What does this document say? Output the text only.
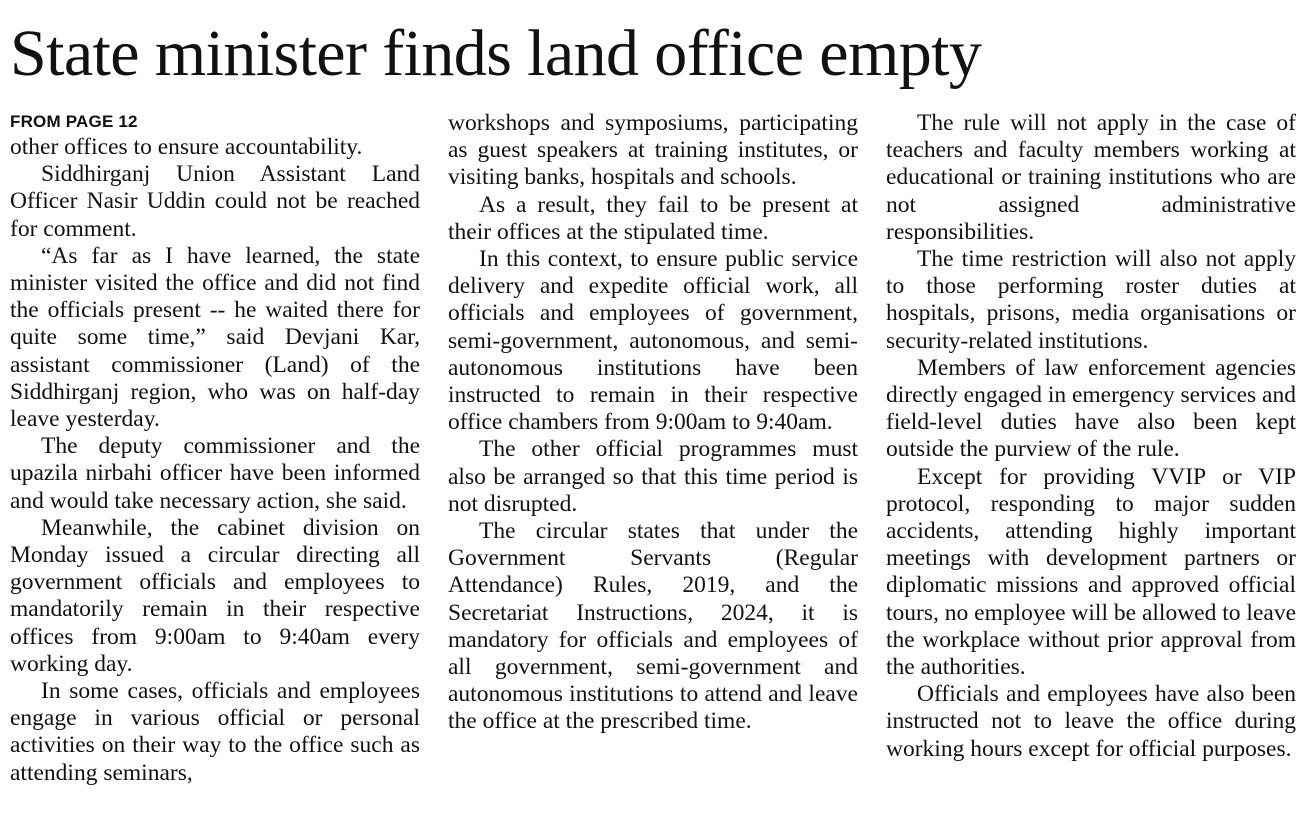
State minister finds land office empty
FROM PAGE 12

other offices to ensure accountability.

Siddhirganj Union Assistant Land Officer Nasir Uddin could not be reached for comment.

“As far as I have learned, the state minister visited the office and did not find the officials present -- he waited there for quite some time,” said Devjani Kar, assistant commissioner (Land) of the Siddhirganj region, who was on half-day leave yesterday.

The deputy commissioner and the upazila nirbahi officer have been informed and would take necessary action, she said.

Meanwhile, the cabinet division on Monday issued a circular directing all government officials and employees to mandatorily remain in their respective offices from 9:00am to 9:40am every working day.

In some cases, officials and employees engage in various official or personal activities on their way to the office such as attending seminars,

workshops and symposiums, participating as guest speakers at training institutes, or visiting banks, hospitals and schools.

As a result, they fail to be present at their offices at the stipulated time.

In this context, to ensure public service delivery and expedite official work, all officials and employees of government, semi-government, autonomous, and semi-autonomous institutions have been instructed to remain in their respective office chambers from 9:00am to 9:40am.

The other official programmes must also be arranged so that this time period is not disrupted.

The circular states that under the Government Servants (Regular Attendance) Rules, 2019, and the Secretariat Instructions, 2024, it is mandatory for officials and employees of all government, semi-government and autonomous institutions to attend and leave the office at the prescribed time.

The rule will not apply in the case of teachers and faculty members working at educational or training institutions who are not assigned administrative responsibilities.

The time restriction will also not apply to those performing roster duties at hospitals, prisons, media organisations or security-related institutions.

Members of law enforcement agencies directly engaged in emergency services and field-level duties have also been kept outside the purview of the rule.

Except for providing VVIP or VIP protocol, responding to major sudden accidents, attending highly important meetings with development partners or diplomatic missions and approved official tours, no employee will be allowed to leave the workplace without prior approval from the authorities.

Officials and employees have also been instructed not to leave the office during working hours except for official purposes.
